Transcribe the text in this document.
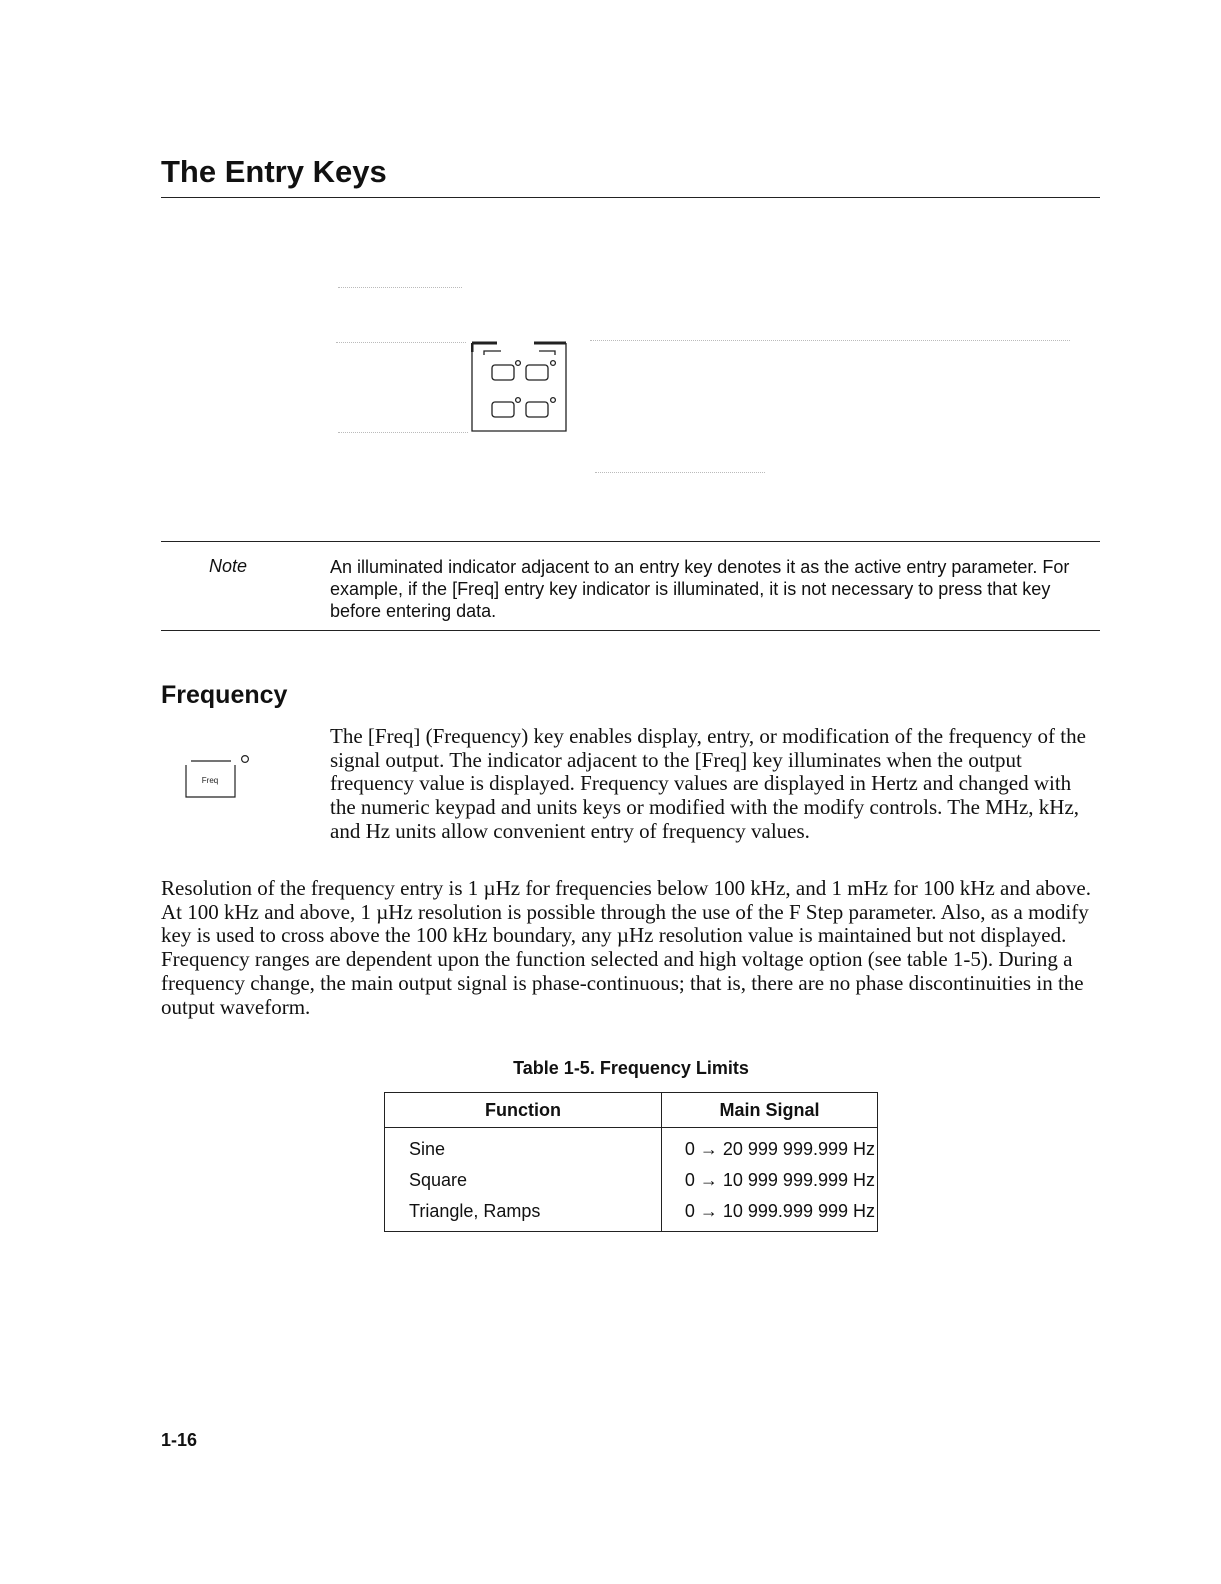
The Entry Keys
Note	An illuminated indicator adjacent to an entry key denotes it as the active entry parameter. For example, if the [Freq] entry key indicator is illuminated, it is not necessary to press that key before entering data.

Frequency
Freq

The [Freq] (Frequency) key enables display, entry, or modification of the frequency of the signal output. The indicator adjacent to the [Freq] key illuminates when the output frequency value is displayed. Frequency values are displayed in Hertz and changed with the numeric keypad and units keys or modified with the modify controls. The MHz, kHz, and Hz units allow convenient entry of frequency values.

Resolution of the frequency entry is 1 µHz for frequencies below 100 kHz, and 1 mHz for 100 kHz and above. At 100 kHz and above, 1 µHz resolution is possible through the use of the F Step parameter. Also, as a modify key is used to cross above the 100 kHz boundary, any µHz resolution value is maintained but not displayed. Frequency ranges are dependent upon the function selected and high voltage option (see table 1-5). During a frequency change, the main output signal is phase-continuous; that is, there are no phase discontinuities in the output waveform.

Table 1-5. Frequency Limits
Function	Main Signal
Sine	0 → 20 999 999.999 Hz
Square	0 → 10 999 999.999 Hz
Triangle, Ramps	0 → 10 999.999 999 Hz
1-16
